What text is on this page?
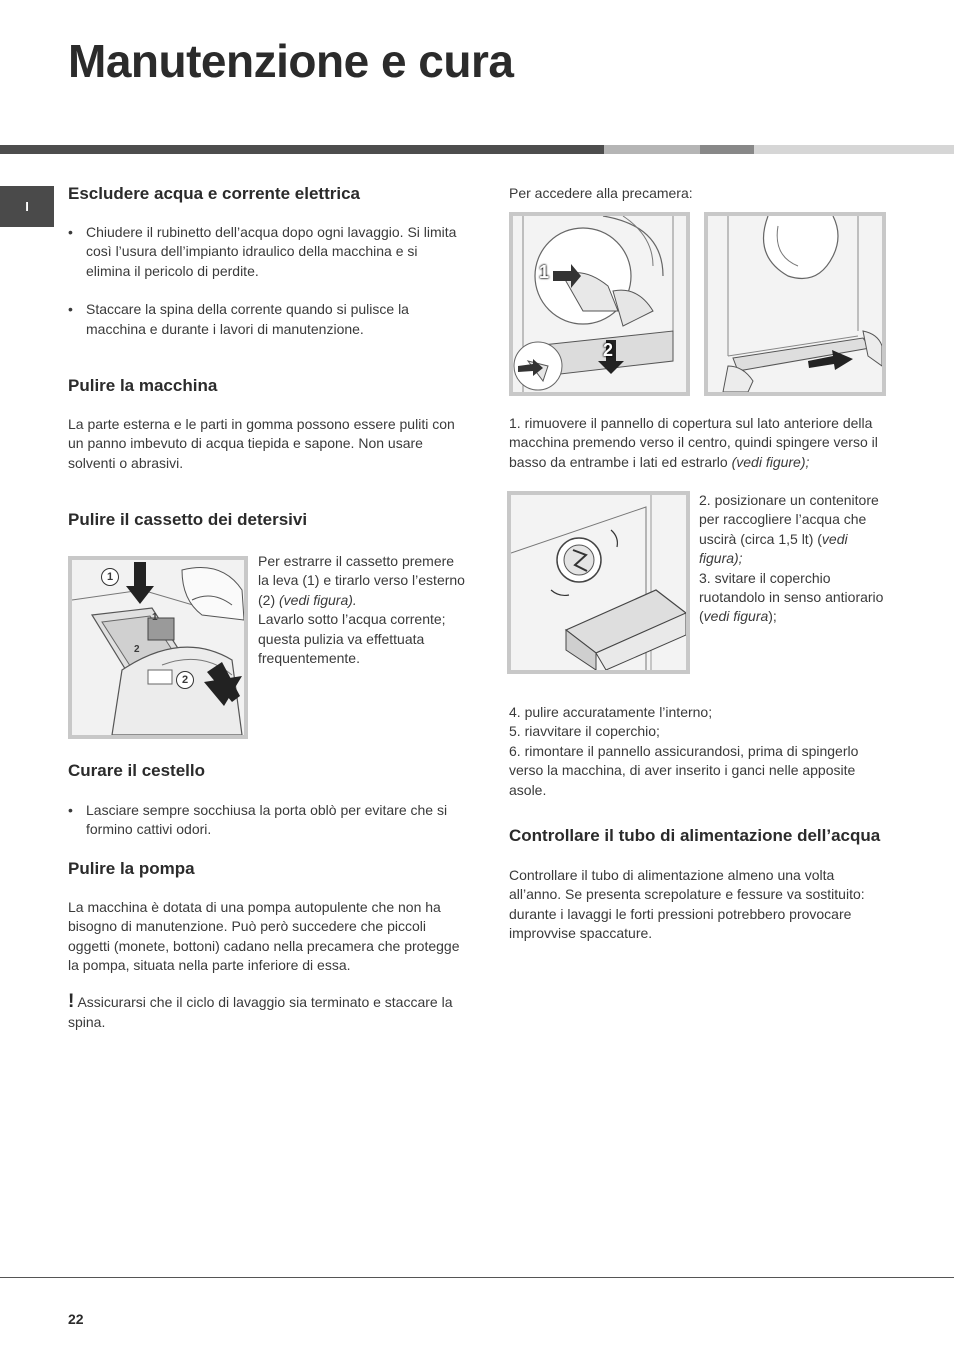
Manutenzione e cura
I
Escludere acqua e corrente elettrica
• Chiudere il rubinetto dell’acqua dopo ogni lavaggio. Si limita così l’usura dell’impianto idraulico della macchina e si elimina il pericolo di perdite.
• Staccare la spina della corrente quando si pulisce la macchina e durante i lavori di manutenzione.
Pulire la macchina

La parte esterna e le parti in gomma possono essere puliti con un panno imbevuto di acqua tiepida e sapone. Non usare solventi o abrasivi.

Pulire il cassetto dei detersivi
1
2
1
2

Per estrarre il cassetto premere la leva (1) e tirarlo verso l’esterno (2) (vedi figura).
Lavarlo sotto l’acqua corrente; questa pulizia va effettuata frequentemente.

Curare il cestello
• Lasciare sempre socchiusa la porta oblò per evitare che si formino cattivi odori.
Pulire la pompa

La macchina è dotata di una pompa autopulente che non ha bisogno di manutenzione. Può però succedere che piccoli oggetti (monete, bottoni) cadano nella precamera che protegge la pompa, situata nella parte inferiore di essa.

! Assicurarsi che il ciclo di lavaggio sia terminato e staccare la spina.

Per accedere alla precamera:

1
2

1. rimuovere il pannello di copertura sul lato anteriore della macchina premendo verso il centro, quindi spingere verso il basso da entrambe i lati ed estrarlo (vedi figure);

2. posizionare un contenitore per raccogliere l’acqua che uscirà (circa 1,5 lt) (vedi figura);
3. svitare il coperchio ruotandolo in senso antiorario (vedi figura);

4. pulire accuratamente l’interno;

5. riavvitare il coperchio;

6. rimontare il pannello assicurandosi, prima di spingerlo verso la macchina, di aver inserito i ganci nelle apposite asole.

Controllare il tubo di alimentazione dell’acqua

Controllare il tubo di alimentazione almeno una volta all’anno. Se presenta screpolature e fessure va sostituito: durante i lavaggi le forti pressioni potrebbero provocare improvvise spaccature.

22
